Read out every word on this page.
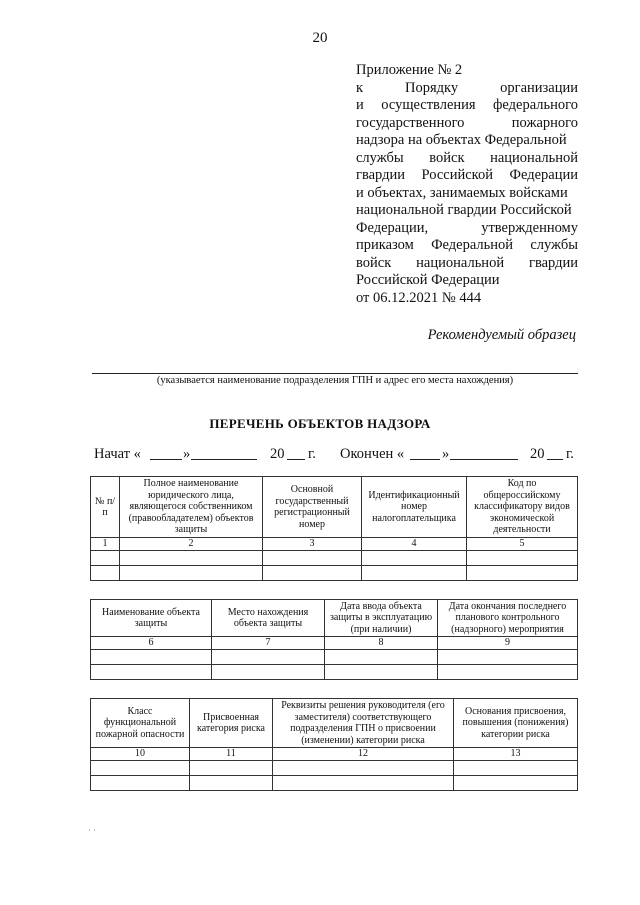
20
Приложение № 2
к	Порядку	организации
и осуществления федерального
государственного	пожарного
надзора на объектах Федеральной
службы войск национальной
гвардии Российской Федерации
и объектах, занимаемых войсками
национальной гвардии Российской
Федерации,	утвержденному
приказом Федеральной службы
войск национальной гвардии
Российской Федерации
от 06.12.2021 № 444
Рекомендуемый образец
(указывается наименование подразделения ГПН и адрес его места нахождения)
ПЕРЕЧЕНЬ ОБЪЕКТОВ НАДЗОРА
Начат «	»	20 г. Окончен «	»	20 г.
№ п/п	Полное наименование юридического лица, являющегося собственником (правообладателем) объектов защиты	Основной государственный регистрационный номер	Идентификационный номер налогоплательщика	Код по общероссийскому классификатору видов экономической деятельности
1	2	3	4	5

Наименование объекта защиты	Место нахождения объекта защиты	Дата ввода объекта защиты в эксплуатацию (при наличии)	Дата окончания последнего планового контрольного (надзорного) мероприятия
6	7	8	9

Класс функциональной пожарной опасности	Присвоенная категория риска	Реквизиты решения руководителя (его заместителя) соответствующего подразделения ГПН о присвоении (изменении) категории риска	Основания присвоения, повышения (понижения) категории риска
10	11	12	13

˙ ˙
